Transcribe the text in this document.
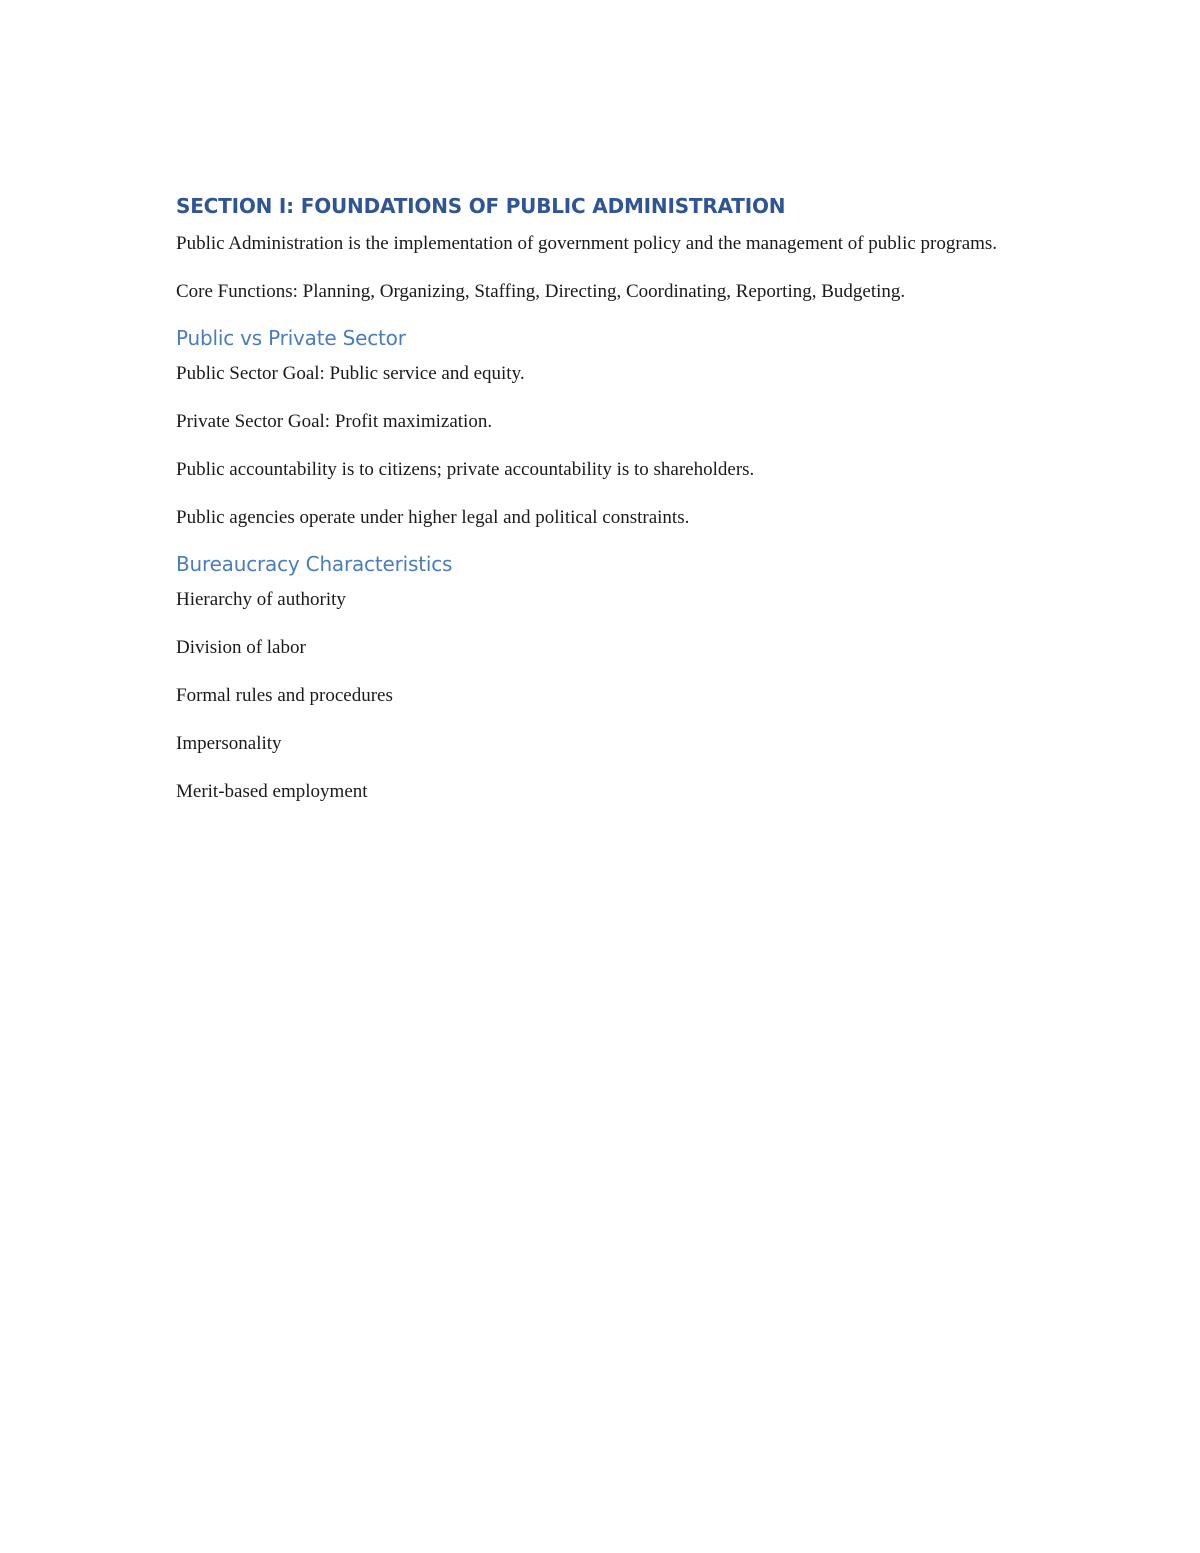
SECTION I: FOUNDATIONS OF PUBLIC ADMINISTRATION

Public Administration is the implementation of government policy and the management of public programs.

Core Functions: Planning, Organizing, Staffing, Directing, Coordinating, Reporting, Budgeting.

Public vs Private Sector

Public Sector Goal: Public service and equity.

Private Sector Goal: Profit maximization.

Public accountability is to citizens; private accountability is to shareholders.

Public agencies operate under higher legal and political constraints.

Bureaucracy Characteristics

Hierarchy of authority

Division of labor

Formal rules and procedures

Impersonality

Merit-based employment
